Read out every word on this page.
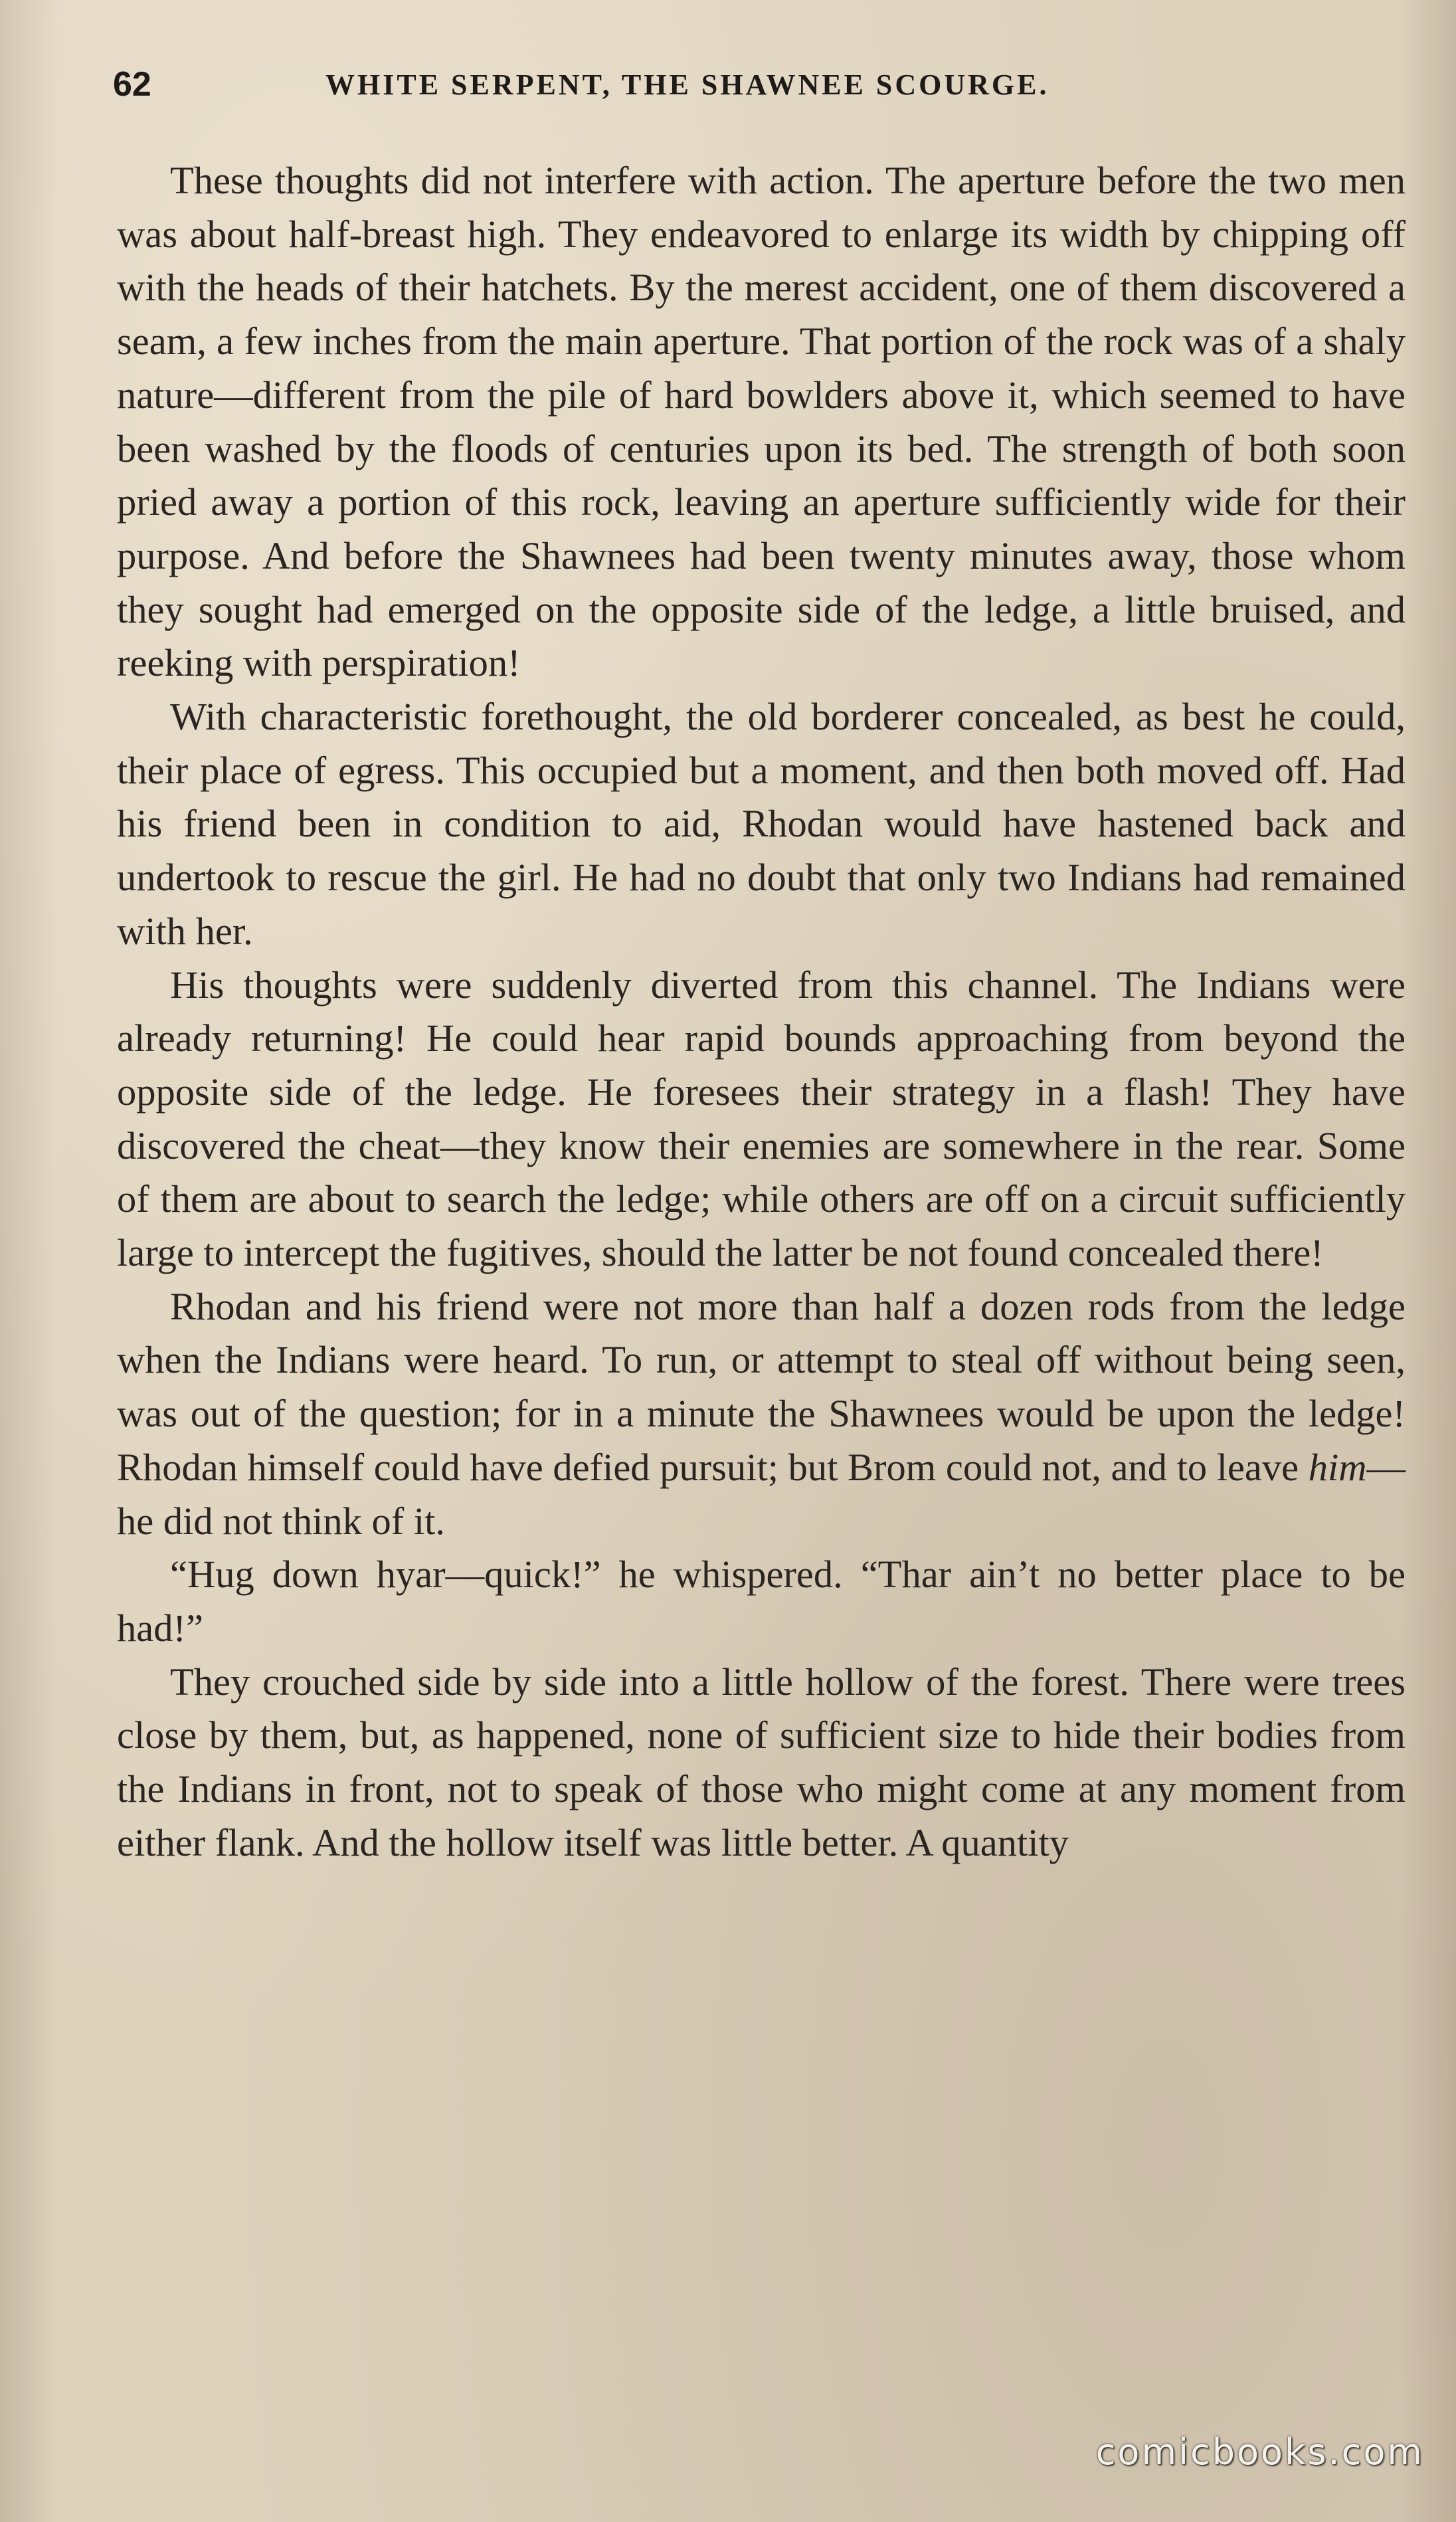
62	WHITE SERPENT, THE SHAWNEE SCOURGE.

These thoughts did not interfere with action. The aperture before the two men was about half-breast high. They endeavored to enlarge its width by chipping off with the heads of their hatchets. By the merest accident, one of them discovered a seam, a few inches from the main aperture. That portion of the rock was of a shaly nature—different from the pile of hard bowlders above it, which seemed to have been washed by the floods of centuries upon its bed. The strength of both soon pried away a portion of this rock, leaving an aperture sufficiently wide for their purpose. And before the Shawnees had been twenty minutes away, those whom they sought had emerged on the opposite side of the ledge, a little bruised, and reeking with perspiration!

With characteristic forethought, the old borderer concealed, as best he could, their place of egress. This occupied but a moment, and then both moved off. Had his friend been in condition to aid, Rhodan would have hastened back and undertook to rescue the girl. He had no doubt that only two Indians had remained with her.

His thoughts were suddenly diverted from this channel. The Indians were already returning! He could hear rapid bounds approaching from beyond the opposite side of the ledge. He foresees their strategy in a flash! They have discovered the cheat—they know their enemies are somewhere in the rear. Some of them are about to search the ledge; while others are off on a circuit sufficiently large to intercept the fugitives, should the latter be not found concealed there!

Rhodan and his friend were not more than half a dozen rods from the ledge when the Indians were heard. To run, or attempt to steal off without being seen, was out of the question; for in a minute the Shawnees would be upon the ledge! Rhodan himself could have defied pursuit; but Brom could not, and to leave him—he did not think of it.

“Hug down hyar—quick!” he whispered. “Thar ain’t no better place to be had!”

They crouched side by side into a little hollow of the forest. There were trees close by them, but, as happened, none of sufficient size to hide their bodies from the Indians in front, not to speak of those who might come at any moment from either flank. And the hollow itself was little better. A quantity

comicbooks.com
